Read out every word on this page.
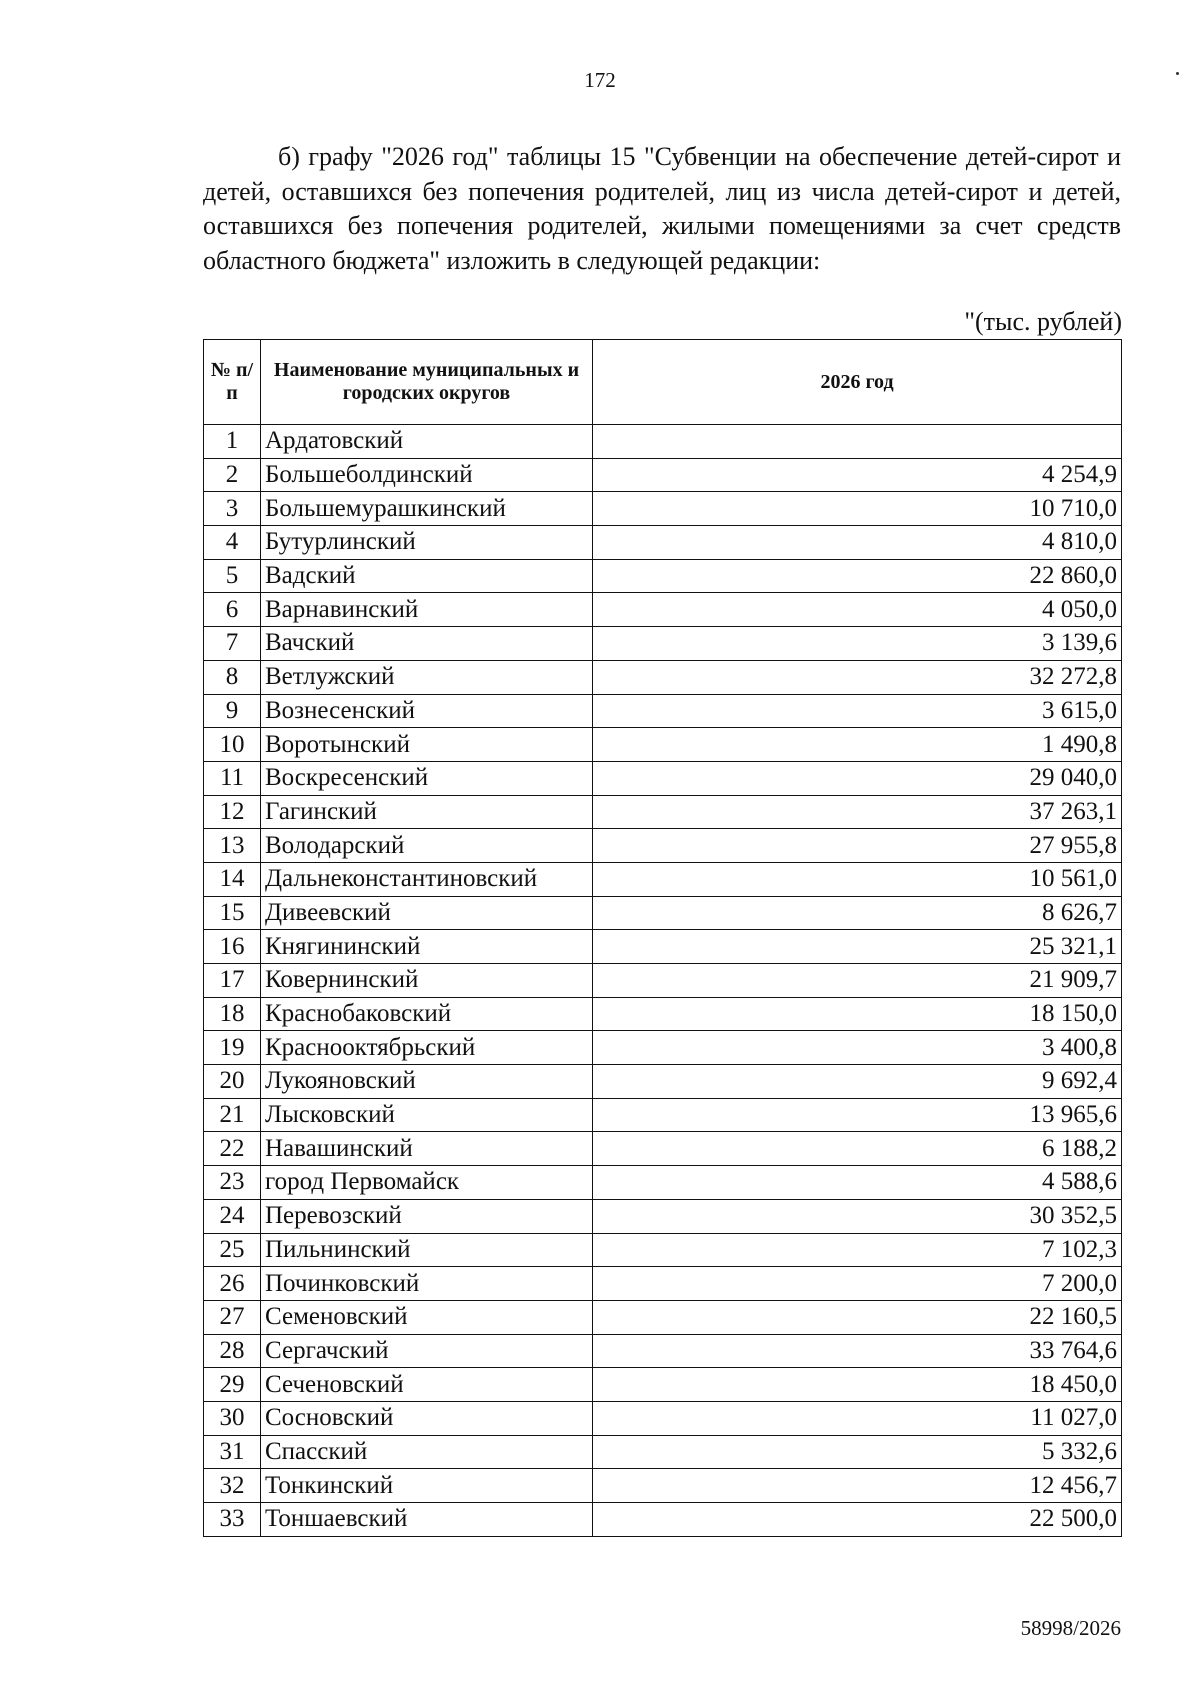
172

б) графу "2026 год" таблицы 15 "Субвенции на обеспечение детей-сирот и детей, оставшихся без попечения родителей, лиц из числа детей-сирот и детей, оставшихся без попечения родителей, жилыми помещениями за счет средств областного бюджета" изложить в следующей редакции:

"(тыс. рублей)
№ п/п	Наименование муниципальных и городских округов	2026 год
1	Ардатовский	
2	Большеболдинский	4 254,9
3	Большемурашкинский	10 710,0
4	Бутурлинский	4 810,0
5	Вадский	22 860,0
6	Варнавинский	4 050,0
7	Вачский	3 139,6
8	Ветлужский	32 272,8
9	Вознесенский	3 615,0
10	Воротынский	1 490,8
11	Воскресенский	29 040,0
12	Гагинский	37 263,1
13	Володарский	27 955,8
14	Дальнеконстантиновский	10 561,0
15	Дивеевский	8 626,7
16	Княгининский	25 321,1
17	Ковернинский	21 909,7
18	Краснобаковский	18 150,0
19	Краснооктябрьский	3 400,8
20	Лукояновский	9 692,4
21	Лысковский	13 965,6
22	Навашинский	6 188,2
23	город Первомайск	4 588,6
24	Перевозский	30 352,5
25	Пильнинский	7 102,3
26	Починковский	7 200,0
27	Семеновский	22 160,5
28	Сергачский	33 764,6
29	Сеченовский	18 450,0
30	Сосновский	11 027,0
31	Спасский	5 332,6
32	Тонкинский	12 456,7
33	Тоншаевский	22 500,0
58998/2026
